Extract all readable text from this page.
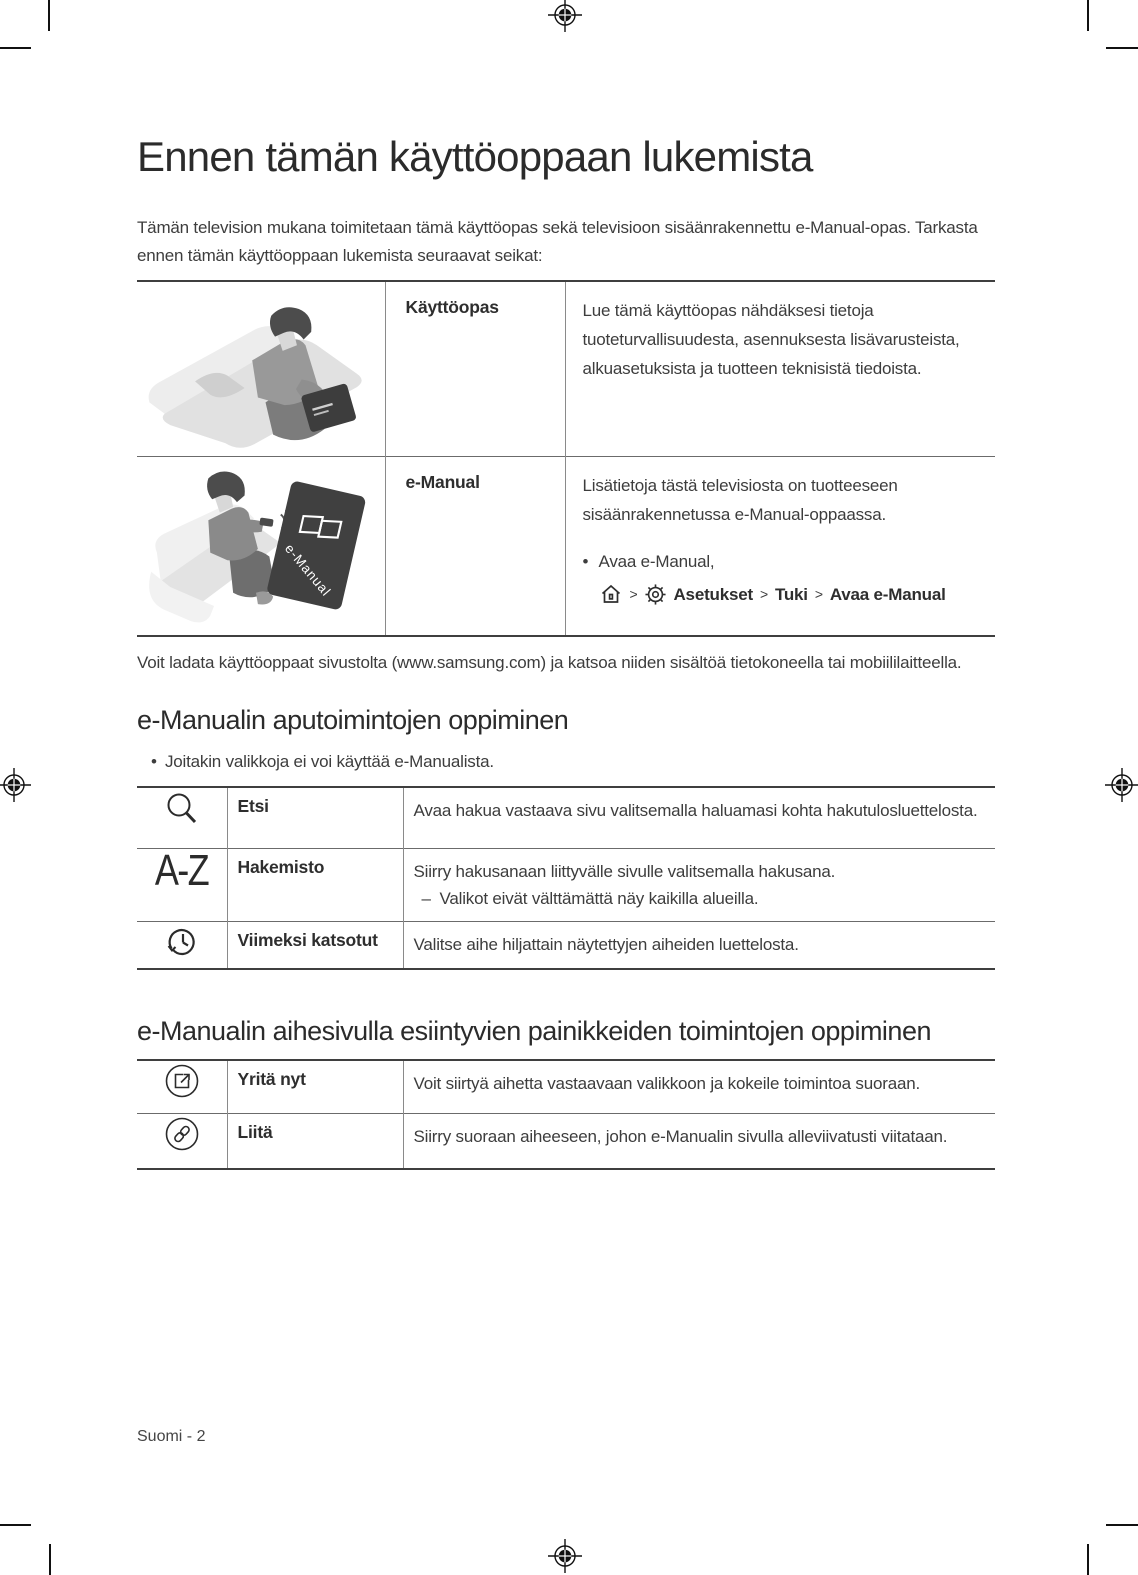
Ennen tämän käyttöoppaan lukemista

Tämän television mukana toimitetaan tämä käyttöopas sekä televisioon sisäänrakennettu e-Manual-opas. Tarkasta ennen tämän käyttöoppaan lukemista seuraavat seikat:

	Käyttöopas	Lue tämä käyttöopas nähdäksesi tietoja tuoteturvallisuudesta, asennuksesta lisävarusteista, alkuasetuksista ja tuotteen teknisistä tiedoista.

e-Manual
	e-Manual	Lisätietoja tästä televisiosta on tuotteeseen sisäänrakennetussa e-Manual-oppaassa.
• Avaa e-Manual,
> Asetukset > Tuki > Avaa e-Manual

Voit ladata käyttöoppaat sivustolta (www.samsung.com) ja katsoa niiden sisältöä tietokoneella tai mobiililaitteella.

e-Manualin aputoimintojen oppiminen
• Joitakin valikkoja ei voi käyttää e-Manualista.
	Etsi	Avaa hakua vastaava sivu valitsemalla haluamasi kohta hakutulosluettelosta.
A-Z	Hakemisto	Siirry hakusanaan liittyvälle sivulle valitsemalla hakusana.
– Valikot eivät välttämättä näy kaikilla alueilla.

	Viimeksi katsotut	Valitse aihe hiljattain näytettyjen aiheiden luettelosta.
e-Manualin aihesivulla esiintyvien painikkeiden toimintojen oppiminen
	Yritä nyt	Voit siirtyä aihetta vastaavaan valikkoon ja kokeile toimintoa suoraan.
	Liitä	Siirry suoraan aiheeseen, johon e-Manualin sivulla alleviivatusti viitataan.
Suomi - 2
